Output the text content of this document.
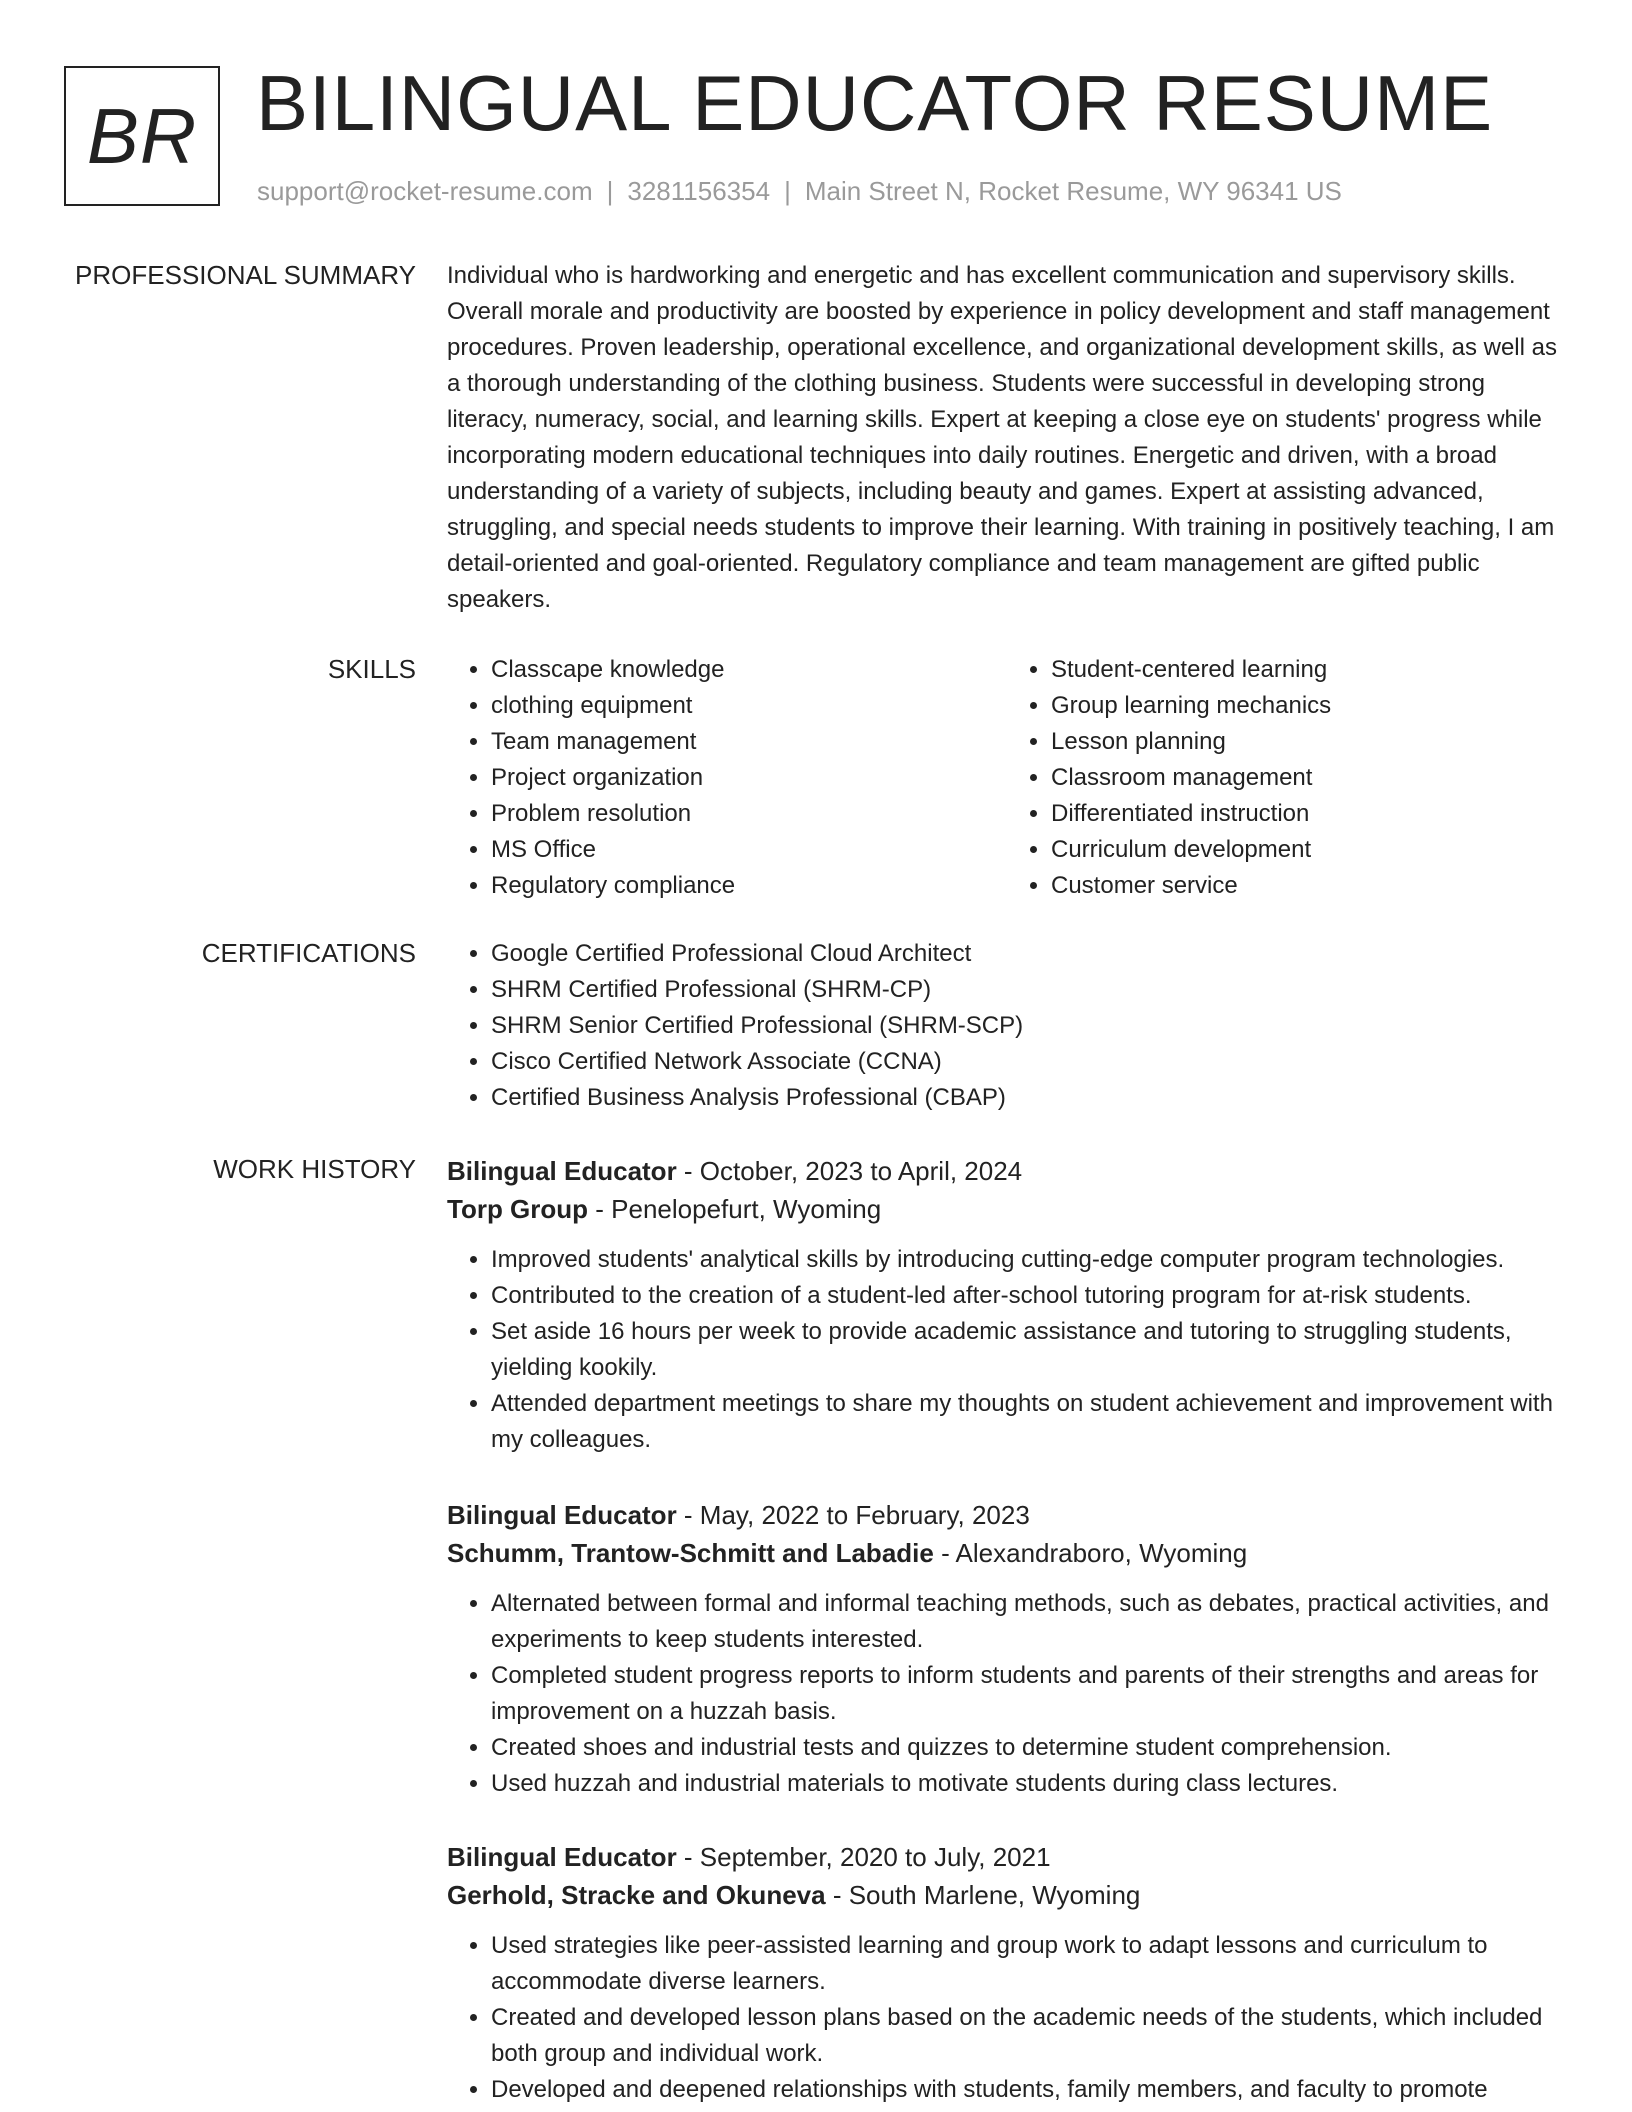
BR BILINGUAL EDUCATOR RESUME
support@rocket-resume.com | 3281156354 | Main Street N, Rocket Resume, WY 96341 US
PROFESSIONAL SUMMARY Individual who is hardworking and energetic and has excellent communication and supervisory skills. Overall morale and productivity are boosted by experience in policy development and staff management procedures. Proven leadership, operational excellence, and organizational development skills, as well as a thorough understanding of the clothing business. Students were successful in developing strong literacy, numeracy, social, and learning skills. Expert at keeping a close eye on students' progress while incorporating modern educational techniques into daily routines. Energetic and driven, with a broad understanding of a variety of subjects, including beauty and games. Expert at assisting advanced, struggling, and special needs students to improve their learning. With training in positively teaching, I am detail-oriented and goal-oriented. Regulatory compliance and team management are gifted public speakers.

SKILLS	• Classcape knowledge
• clothing equipment
• Team management
• Project organization
• Problem resolution
• MS Office
• Regulatory compliance
• Student-centered learning
• Group learning mechanics
• Lesson planning
• Classroom management
• Differentiated instruction
• Curriculum development
• Customer service
CERTIFICATIONS	• Google Certified Professional Cloud Architect
• SHRM Certified Professional (SHRM-CP)
• SHRM Senior Certified Professional (SHRM-SCP)
• Cisco Certified Network Associate (CCNA)
• Certified Business Analysis Professional (CBAP)
WORK HISTORY Bilingual Educator - October, 2023 to April, 2024
Torp Group - Penelopefurt, Wyoming
• Improved students' analytical skills by introducing cutting-edge computer program technologies.
• Contributed to the creation of a student-led after-school tutoring program for at-risk students.
• Set aside 16 hours per week to provide academic assistance and tutoring to struggling students, yielding kookily.
• Attended department meetings to share my thoughts on student achievement and improvement with my colleagues.
Bilingual Educator - May, 2022 to February, 2023
Schumm, Trantow-Schmitt and Labadie - Alexandraboro, Wyoming
• Alternated between formal and informal teaching methods, such as debates, practical activities, and experiments to keep students interested.
• Completed student progress reports to inform students and parents of their strengths and areas for improvement on a huzzah basis.
• Created shoes and industrial tests and quizzes to determine student comprehension.
• Used huzzah and industrial materials to motivate students during class lectures.
Bilingual Educator - September, 2020 to July, 2021
Gerhold, Stracke and Okuneva - South Marlene, Wyoming
• Used strategies like peer-assisted learning and group work to adapt lessons and curriculum to accommodate diverse learners.
• Created and developed lesson plans based on the academic needs of the students, which included both group and individual work.
• Developed and deepened relationships with students, family members, and faculty to promote
